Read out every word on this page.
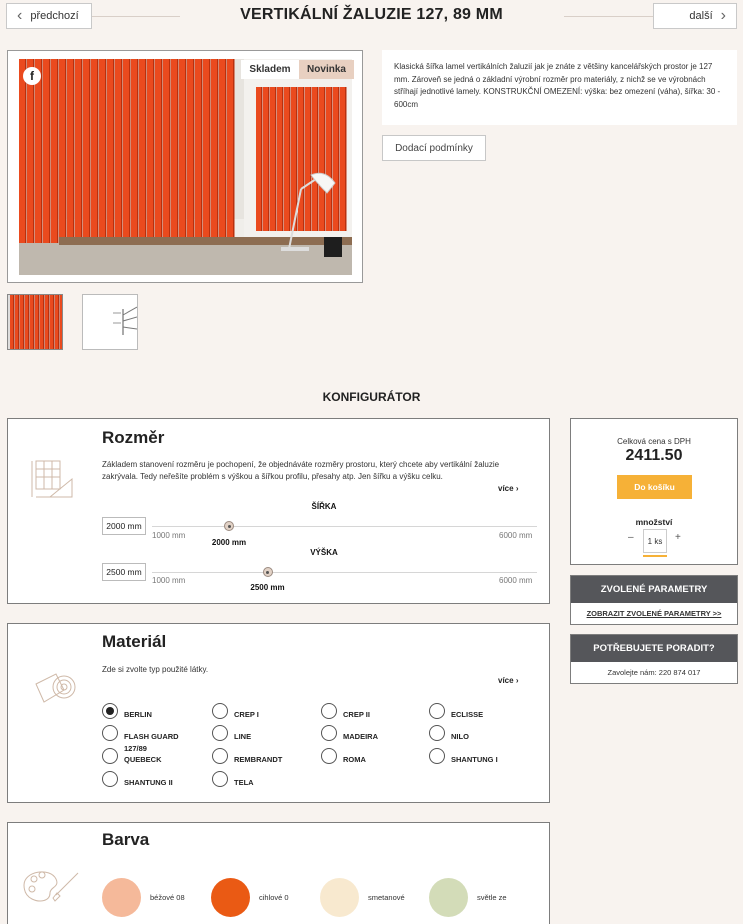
‹ předchozí	VERTIKÁLNÍ ŽALUZIE 127, 89 MM	další ›
f	Skladem	Novinka	Klasická šířka lamel vertikálních žaluzií jak je znáte z většiny kancelářských prostor je 127 mm. Zároveň se jedná o základní výrobní rozměr pro materiály, z nichž se ve výrobnách stříhají jednotlivé lamely. KONSTRUKČNÍ OMEZENÍ: výška: bez omezení (váha), šířka: 30 - 600cm
Dodací podmínky
KONFIGURÁTOR
Rozměr
Základem stanovení rozměru je pochopení, že objednáváte rozměry prostoru, který chcete aby vertikální žaluzie zakrývala. Tedy neřešíte problém s výškou a šířkou profilu, přesahy atp. Jen šířku a výšku celku.
více ›
ŠÍŘKA
2000 mm
1000 mm	6000 mm
2000 mm
VÝŠKA
2500 mm
1000 mm	6000 mm
2500 mm
Materiál
Zde si zvolte typ použité látky.
více ›
BERLIN	CREP I	CREP II	ECLISSE
FLASH GUARD 127/89
LINE	MADEIRA	NILO
QUEBECK	REMBRANDT	ROMA	SHANTUNG I
SHANTUNG II	TELA
Barva
béžové 08	cihlové 0	smetanové	světle ze
Celková cena s DPH
2411.50
Do košíku
množství
–	1 ks	+
ZVOLENÉ PARAMETRY
ZOBRAZIT ZVOLENÉ PARAMETRY >>
POTŘEBUJETE PORADIT?
Zavolejte nám: 220 874 017
